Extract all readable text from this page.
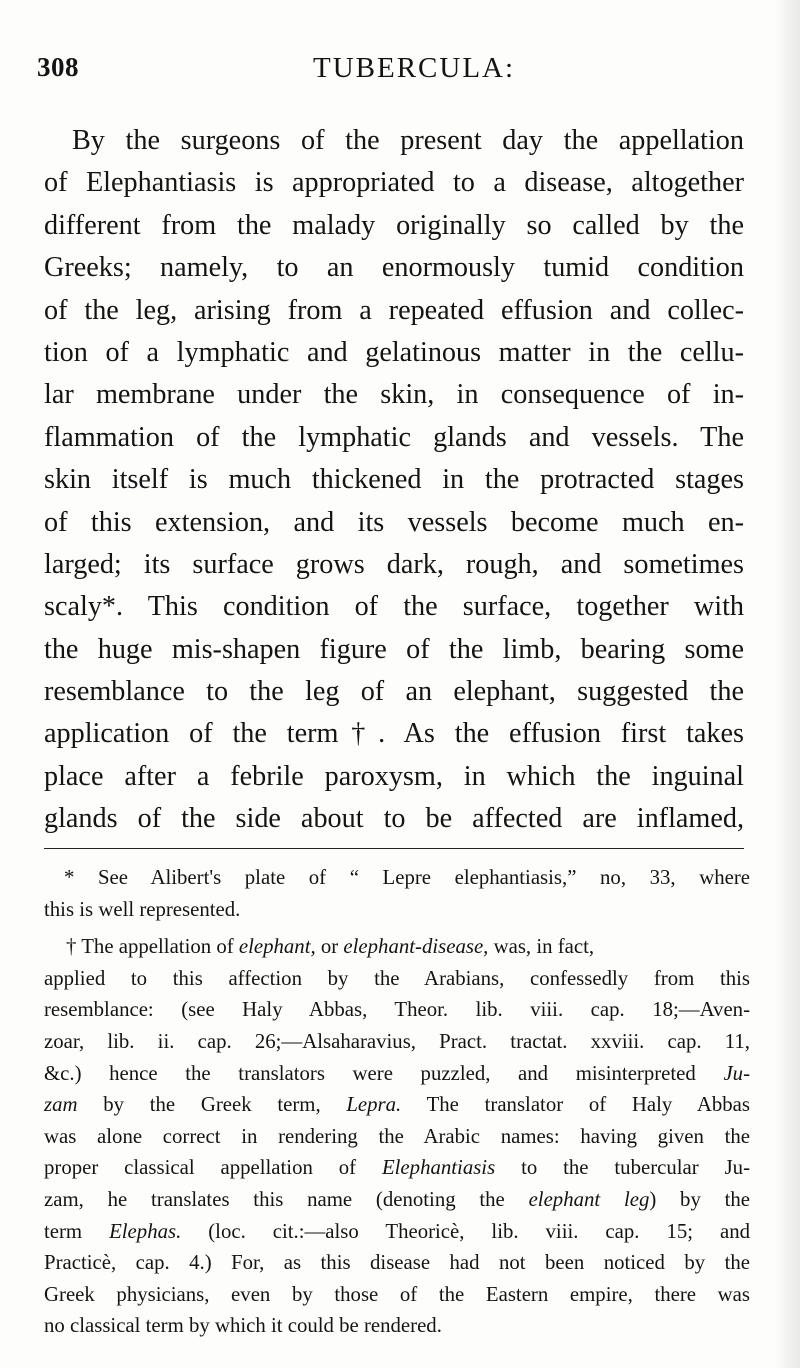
308	TUBERCULA:
By the surgeons of the present day the appellation
of Elephantiasis is appropriated to a disease, altogether
different from the malady originally so called by the
Greeks; namely, to an enormously tumid condition
of the leg, arising from a repeated effusion and collec-
tion of a lymphatic and gelatinous matter in the cellu-
lar membrane under the skin, in consequence of in-
flammation of the lymphatic glands and vessels. The
skin itself is much thickened in the protracted stages
of this extension, and its vessels become much en-
larged; its surface grows dark, rough, and sometimes
scaly*. This condition of the surface, together with
the huge mis-shapen figure of the limb, bearing some
resemblance to the leg of an elephant, suggested the
application of the term†. As the effusion first takes
place after a febrile paroxysm, in which the inguinal
glands of the side about to be affected are inflamed,
* See Alibert's plate of “ Lepre elephantiasis,” no, 33, where
this is well represented.
† The appellation of elephant, or elephant-disease, was, in fact,
applied to this affection by the Arabians, confessedly from this
resemblance: (see Haly Abbas, Theor. lib. viii. cap. 18;—Aven-
zoar, lib. ii. cap. 26;—Alsaharavius, Pract. tractat. xxviii. cap. 11,
&c.) hence the translators were puzzled, and misinterpreted Ju-
zam by the Greek term, Lepra. The translator of Haly Abbas
was alone correct in rendering the Arabic names: having given the
proper classical appellation of Elephantiasis to the tubercular Ju-
zam, he translates this name (denoting the elephant leg) by the
term Elephas. (loc. cit.:—also Theoricè, lib. viii. cap. 15; and
Practicè, cap. 4.) For, as this disease had not been noticed by the
Greek physicians, even by those of the Eastern empire, there was
no classical term by which it could be rendered.
